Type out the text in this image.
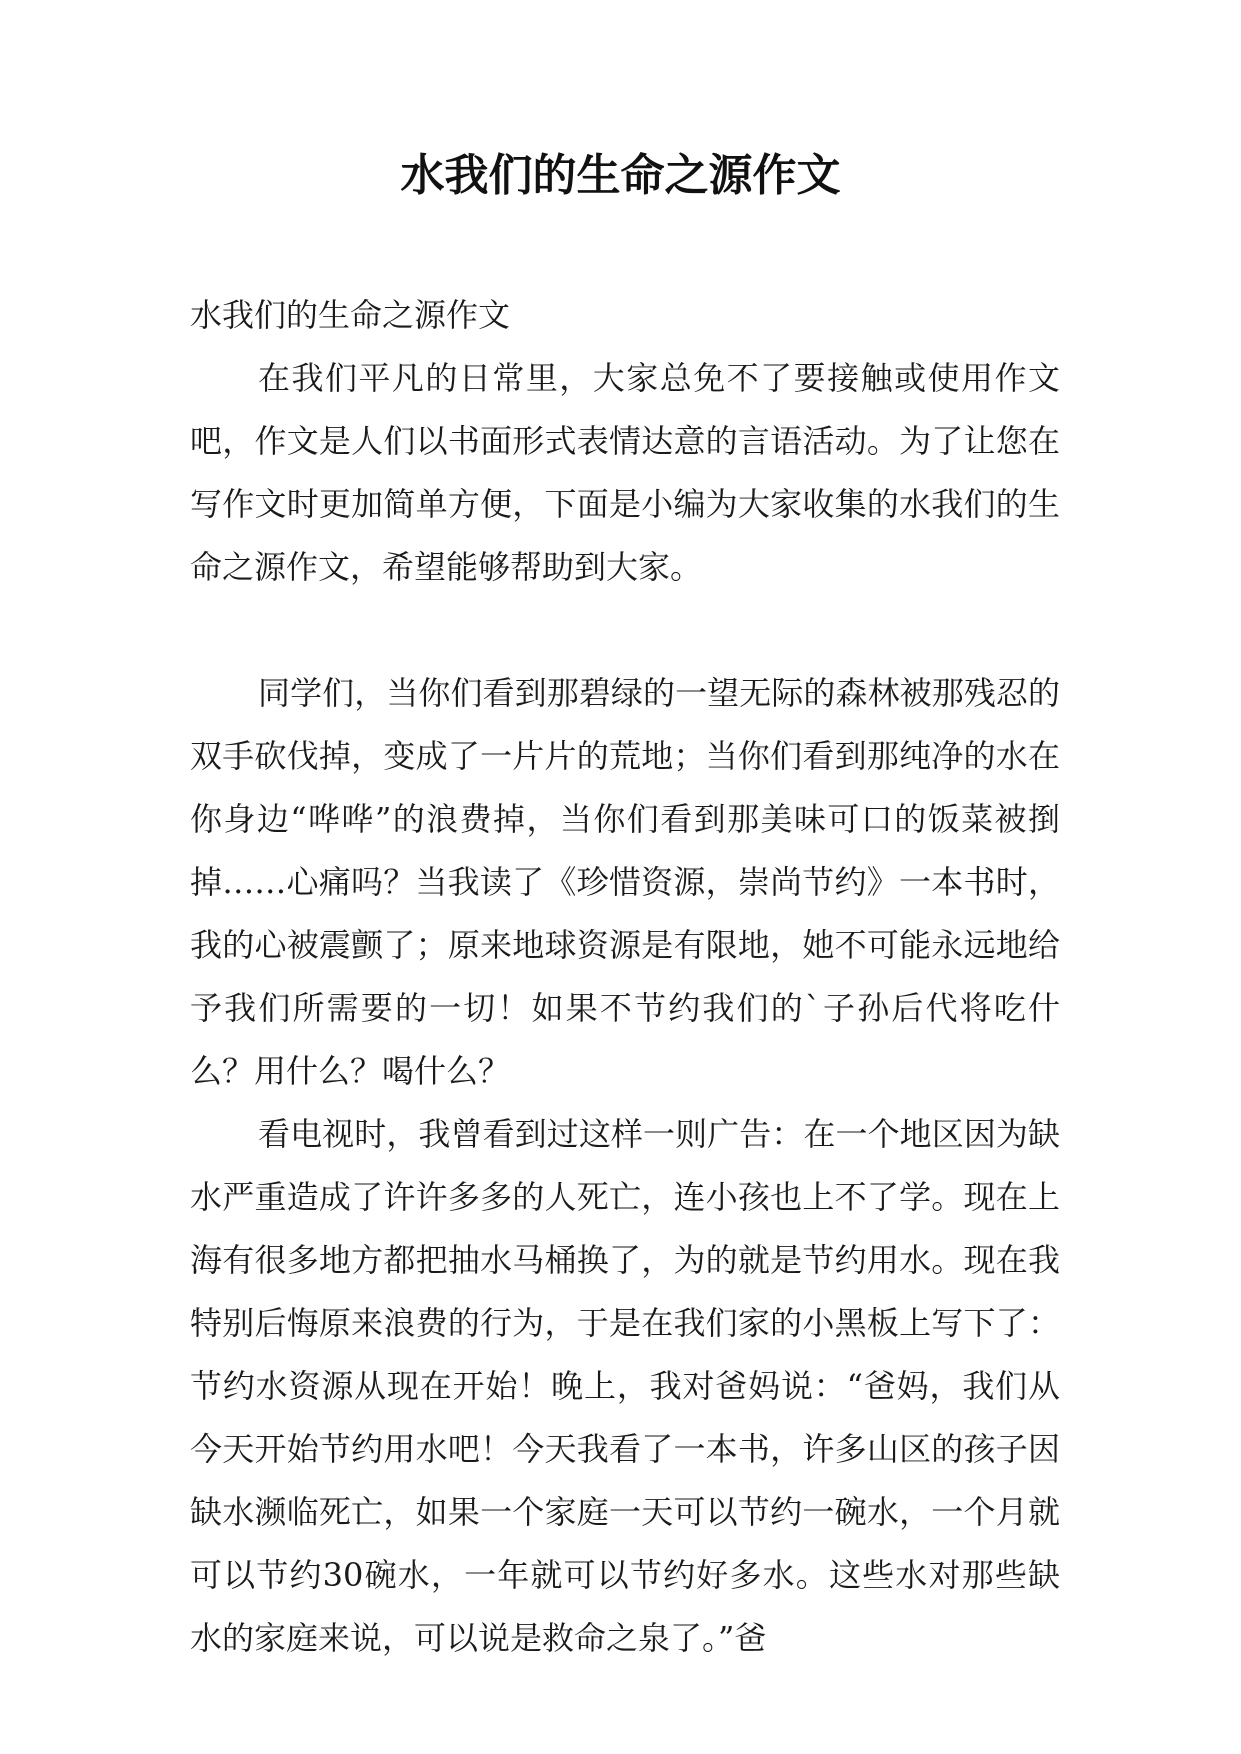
水我们的生命之源作文

水我们的生命之源作文

在我们平凡的日常里，大家总免不了要接触或使用作文吧，作文是人们以书面形式表情达意的言语活动。为了让您在写作文时更加简单方便，下面是小编为大家收集的水我们的生命之源作文，希望能够帮助到大家。

同学们，当你们看到那碧绿的一望无际的森林被那残忍的双手砍伐掉，变成了一片片的荒地；当你们看到那纯净的水在你身边“哗哗”的浪费掉，当你们看到那美味可口的饭菜被捯掉……心痛吗？当我读了《珍惜资源，崇尚节约》一本书时，我的心被震颤了；原来地球资源是有限地，她不可能永远地给予我们所需要的一切！如果不节约我们的`子孙后代将吃什么？用什么？喝什么？

看电视时，我曾看到过这样一则广告：在一个地区因为缺水严重造成了许许多多的人死亡，连小孩也上不了学。现在上海有很多地方都把抽水马桶换了，为的就是节约用水。现在我特别后悔原来浪费的行为，于是在我们家的小黑板上写下了：节约水资源从现在开始！晚上，我对爸妈说：“爸妈，我们从今天开始节约用水吧！今天我看了一本书，许多山区的孩子因缺水濒临死亡，如果一个家庭一天可以节约一碗水，一个月就可以节约30碗水，一年就可以节约好多水。这些水对那些缺水的家庭来说，可以说是救命之泉了。”爸
